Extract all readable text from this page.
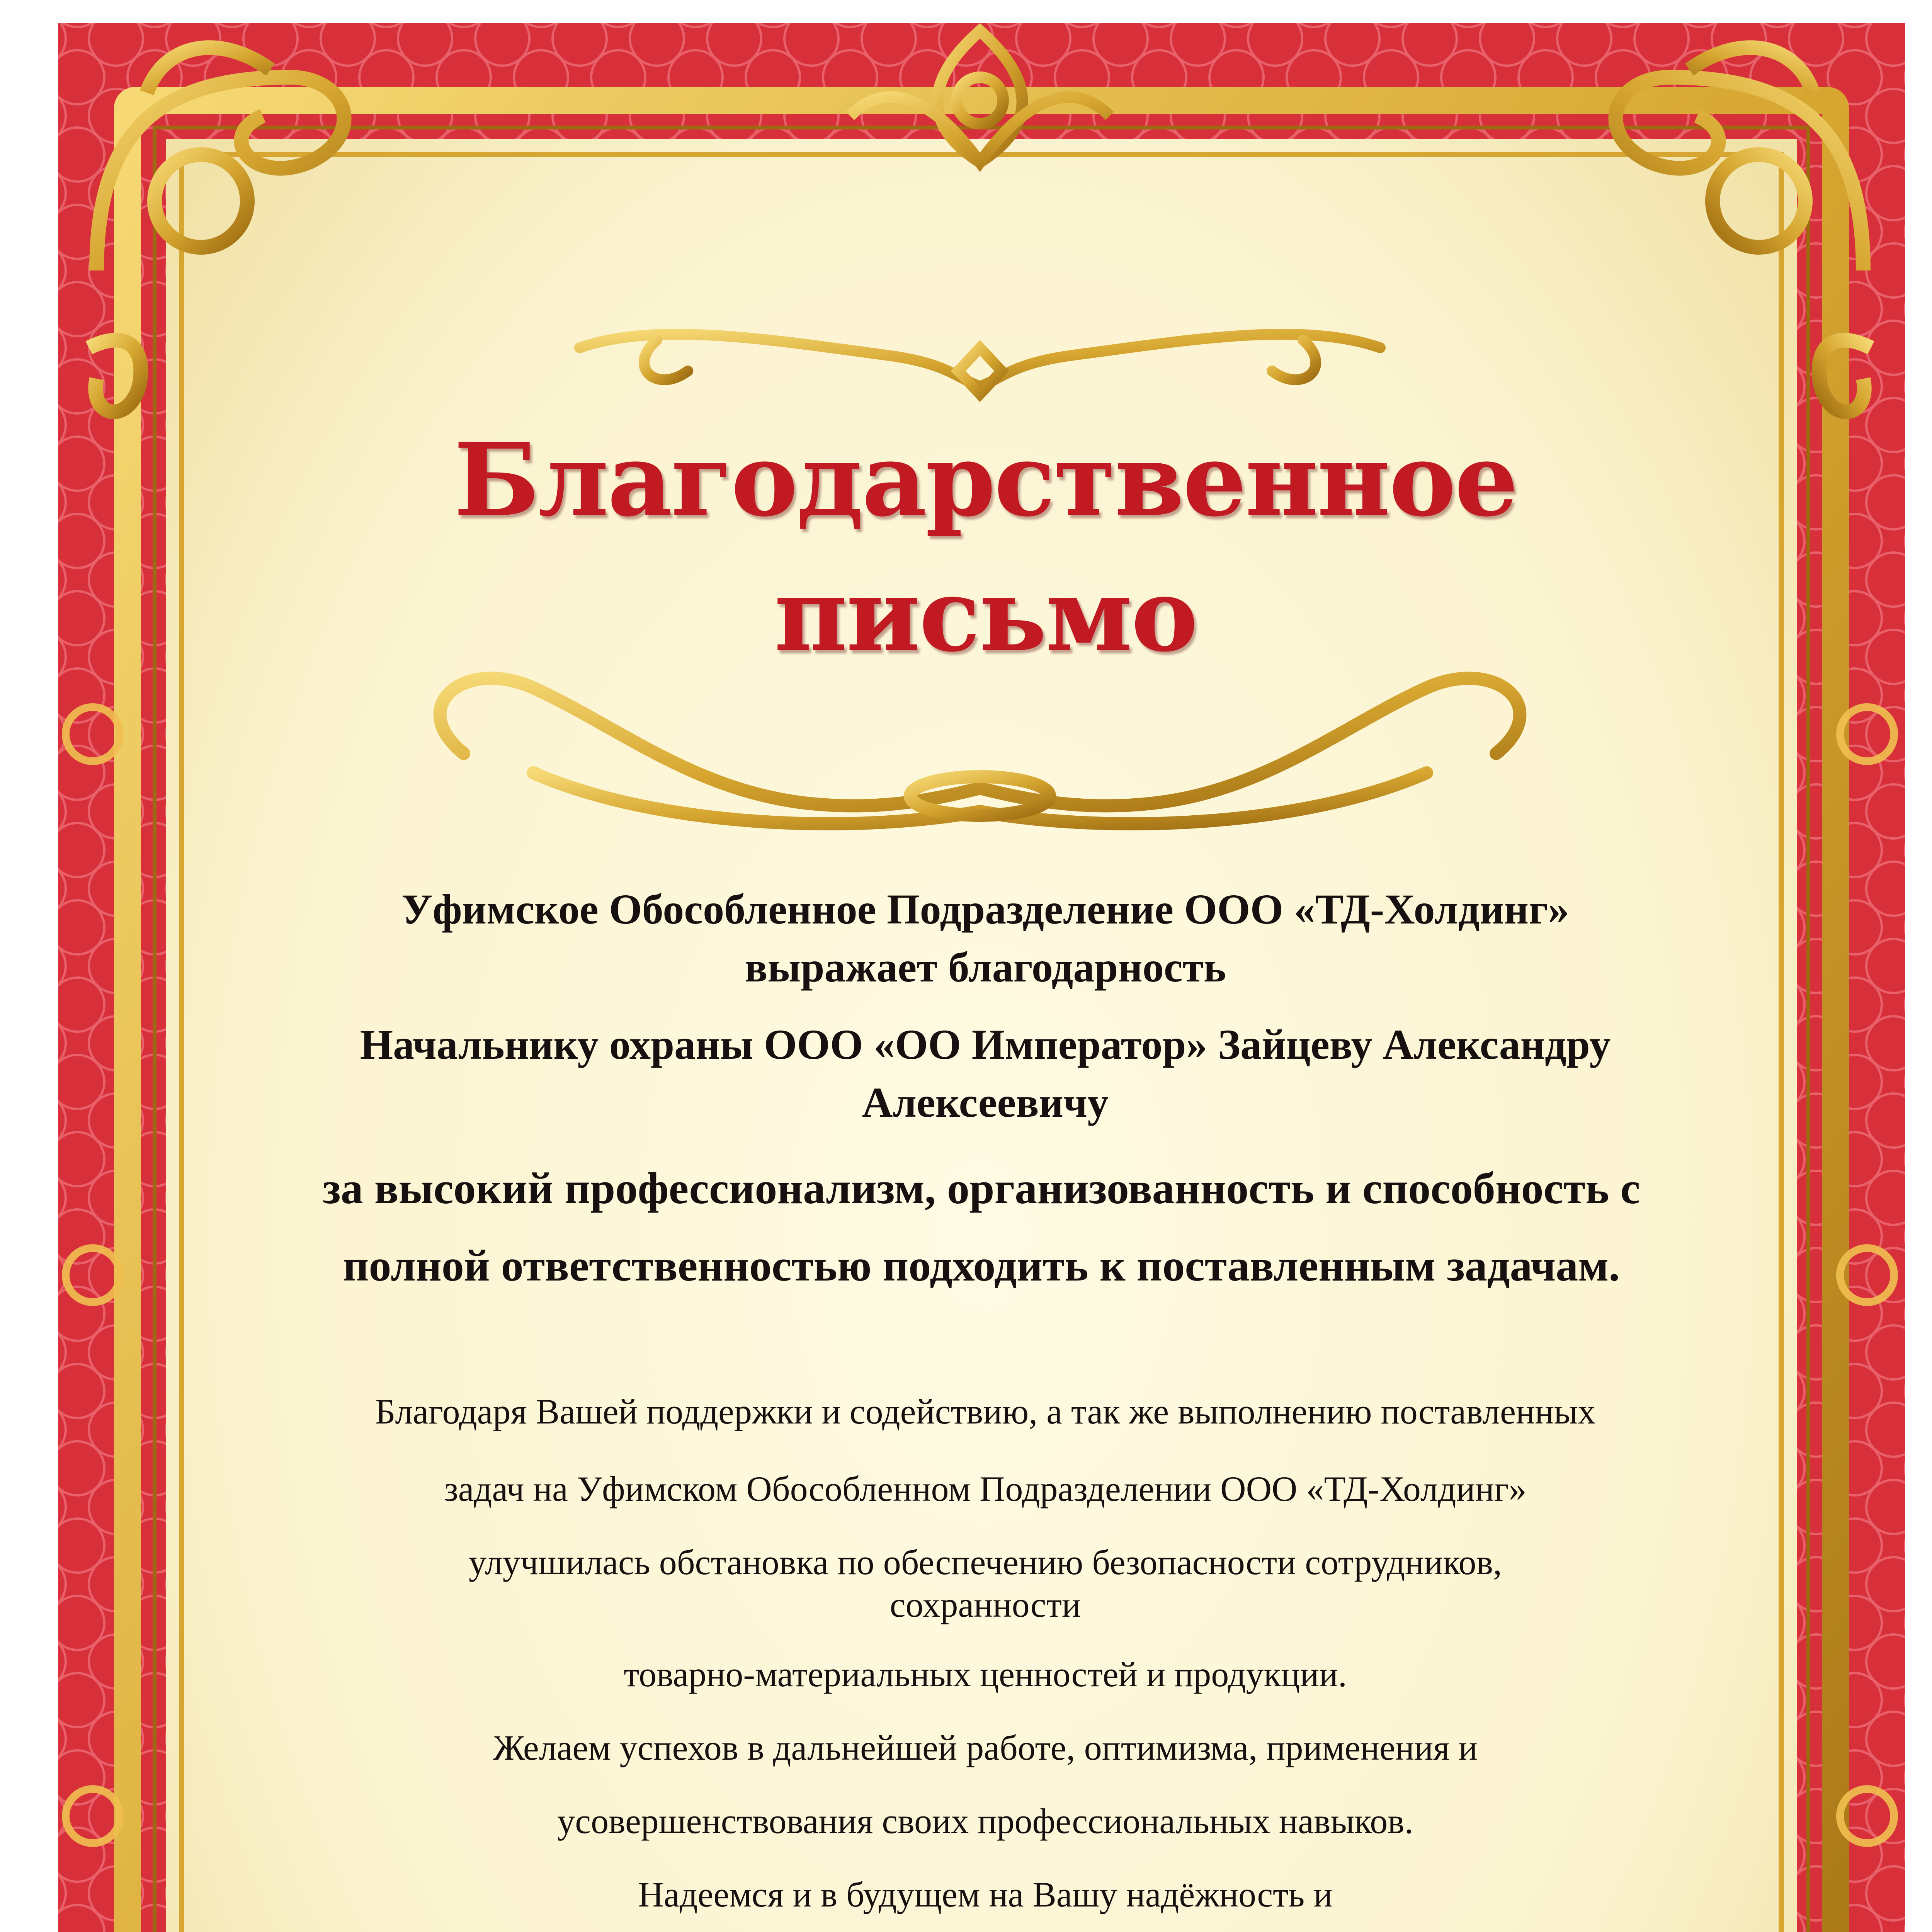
Благодарственное

письмо

Уфимское Обособленное Подразделение ООО «ТД-Холдинг»

выражает благодарность

Начальнику охраны ООО «ОО Император» Зайцеву Александру

Алексеевичу

за высокий профессионализм, организованность и способность с

полной ответственностью подходить к поставленным задачам.

Благодаря Вашей поддержки и содействию, а так же выполнению поставленных

задач на Уфимском Обособленном Подразделении ООО «ТД-Холдинг»

улучшилась обстановка по обеспечению безопасности сотрудников,

сохранности

товарно-материальных ценностей и продукции.

Желаем успехов в дальнейшей работе, оптимизма, применения и

усовершенствования своих профессиональных навыков.

Надеемся и в будущем на Вашу надёжность и
